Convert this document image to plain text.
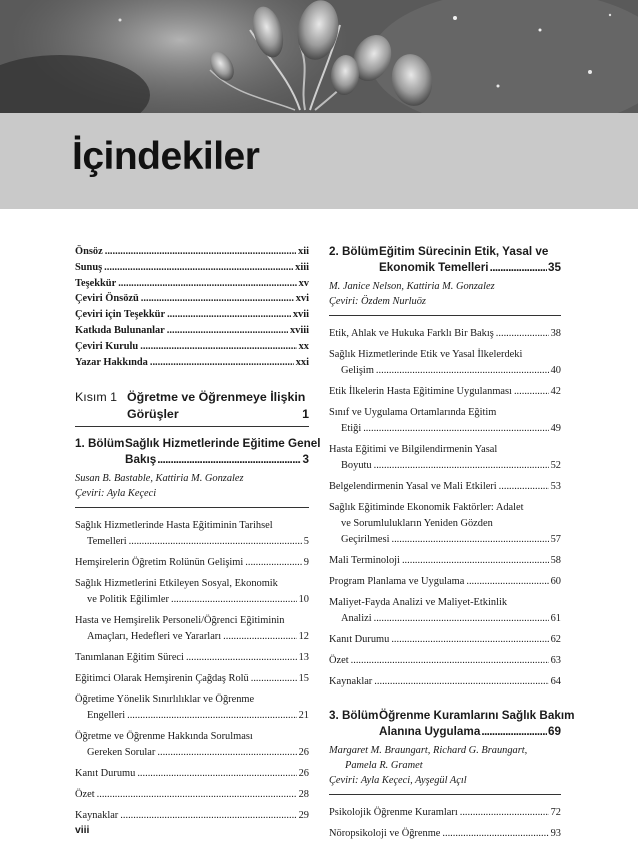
İçindekiler
Önsöz . . .	xii
Sunuş . . .	xiii
Teşekkür . . .	xv
Çeviri Önsözü . . .	xvi
Çeviri için Teşekkür . . .	xvii
Katkıda Bulunanlar . . .	xviii
Çeviri Kurulu . . .	xx
Yazar Hakkında . . .	xxi
Kısım 1 Öğretme ve Öğrenmeye İlişkin
Görüşler	1
1. Bölüm Sağlık Hizmetlerinde Eğitime Genel
Bakış .....	3
Susan B. Bastable, Kattiria M. Gonzalez
Çeviri: Ayla Keçeci
Sağlık Hizmetlerinde Hasta Eğitiminin Tarihsel
Temelleri . . .	5
Hemşirelerin Öğretim Rolünün Gelişimi . . .	9
Sağlık Hizmetlerini Etkileyen Sosyal, Ekonomik
ve Politik Eğilimler . . .	10
Hasta ve Hemşirelik Personeli/Öğrenci Eğitiminin
Amaçları, Hedefleri ve Yararları . . .	12
Tanımlanan Eğitim Süreci . . .	13
Eğitimci Olarak Hemşirenin Çağdaş Rolü . . .	15
Öğretime Yönelik Sınırlılıklar ve Öğrenme
Engelleri . . .	21
Öğretme ve Öğrenme Hakkında Sorulması
Gereken Sorular . . .	26
Kanıt Durumu . . .	26
Özet . . .	28
Kaynaklar . . .	29
2. Bölüm Eğitim Sürecinin Etik, Yasal ve
Ekonomik Temelleri .....	35
M. Janice Nelson, Kattiria M. Gonzalez
Çeviri: Özdem Nurluöz
Etik, Ahlak ve Hukuka Farklı Bir Bakış . . .	38
Sağlık Hizmetlerinde Etik ve Yasal İlkelerdeki
Gelişim . . .	40
Etik İlkelerin Hasta Eğitimine Uygulanması . . .	42
Sınıf ve Uygulama Ortamlarında Eğitim
Etiği . . .	49
Hasta Eğitimi ve Bilgilendirmenin Yasal
Boyutu . . .	52
Belgelendirmenin Yasal ve Mali Etkileri . . .	53
Sağlık Eğitiminde Ekonomik Faktörler: Adalet
ve Sorumlulukların Yeniden Gözden
Geçirilmesi . . .	57
Mali Terminoloji . . .	58
Program Planlama ve Uygulama . . .	60
Maliyet-Fayda Analizi ve Maliyet-Etkinlik
Analizi . . .	61
Kanıt Durumu . . .	62
Özet . . .	63
Kaynaklar . . .	64
3. Bölüm Öğrenme Kuramlarını Sağlık Bakım
Alanına Uygulama .....	69
Margaret M. Braungart, Richard G. Braungart,
Pamela R. Gramet
Çeviri: Ayla Keçeci, Ayşegül Açıl
Psikolojik Öğrenme Kuramları . . .	72
Nöropsikoloji ve Öğrenme . . .	93
viii
